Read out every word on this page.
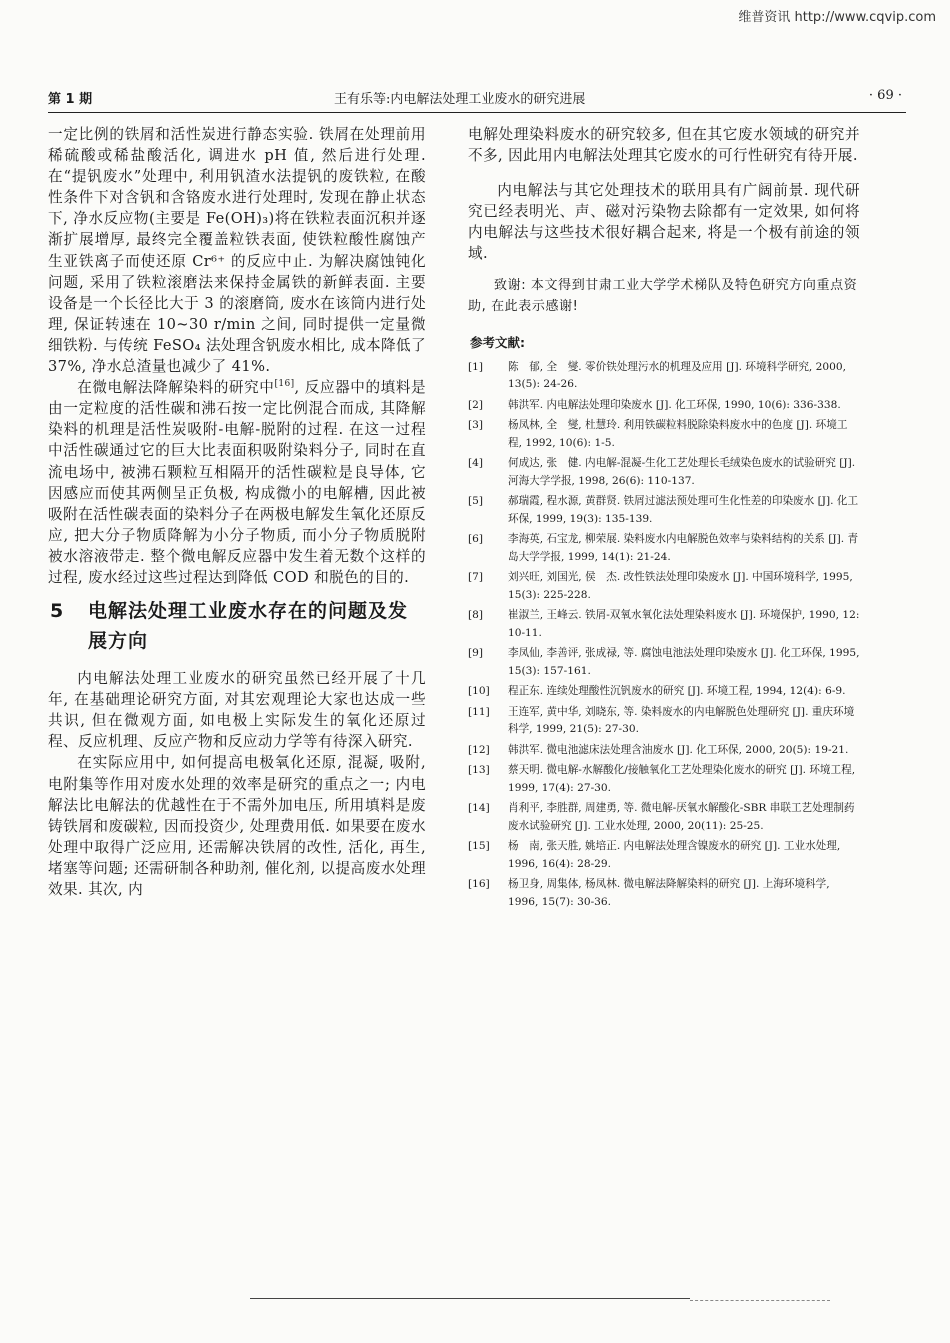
维普资讯 http://www.cqvip.com
第 1 期	王有乐等:内电解法处理工业废水的研究进展	· 69 ·

一定比例的铁屑和活性炭进行静态实验. 铁屑在处理前用稀硫酸或稀盐酸活化, 调进水 pH 值, 然后进行处理. 在“提钒废水”处理中, 利用钒渣水法提钒的废铁粒, 在酸性条件下对含钒和含铬废水进行处理时, 发现在静止状态下, 净水反应物(主要是 Fe(OH)₃)将在铁粒表面沉积并逐渐扩展增厚, 最终完全覆盖粒铁表面, 使铁粒酸性腐蚀产生亚铁离子而使还原 Cr⁶⁺ 的反应中止. 为解决腐蚀钝化问题, 采用了铁粒滚磨法来保持金属铁的新鲜表面. 主要设备是一个长径比大于 3 的滚磨筒, 废水在该筒内进行处理, 保证转速在 10~30 r/min 之间, 同时提供一定量微细铁粉. 与传统 FeSO₄ 法处理含钒废水相比, 成本降低了 37%, 净水总渣量也减少了 41%.

在微电解法降解染料的研究中[16], 反应器中的填料是由一定粒度的活性碳和沸石按一定比例混合而成, 其降解染料的机理是活性炭吸附-电解-脱附的过程. 在这一过程中活性碳通过它的巨大比表面积吸附染料分子, 同时在直流电场中, 被沸石颗粒互相隔开的活性碳粒是良导体, 它因感应而使其两侧呈正负极, 构成微小的电解槽, 因此被吸附在活性碳表面的染料分子在两极电解发生氧化还原反应, 把大分子物质降解为小分子物质, 而小分子物质脱附被水溶液带走. 整个微电解反应器中发生着无数个这样的过程, 废水经过这些过程达到降低 COD 和脱色的目的.

5 电解法处理工业废水存在的问题及发展方向

内电解法处理工业废水的研究虽然已经开展了十几年, 在基础理论研究方面, 对其宏观理论大家也达成一些共识, 但在微观方面, 如电极上实际发生的氧化还原过程、反应机理、反应产物和反应动力学等有待深入研究.

在实际应用中, 如何提高电极氧化还原, 混凝, 吸附, 电附集等作用对废水处理的效率是研究的重点之一; 内电解法比电解法的优越性在于不需外加电压, 所用填料是废铸铁屑和废碳粒, 因而投资少, 处理费用低. 如果要在废水处理中取得广泛应用, 还需解决铁屑的改性, 活化, 再生, 堵塞等问题; 还需研制各种助剂, 催化剂, 以提高废水处理效果. 其次, 内

电解处理染料废水的研究较多, 但在其它废水领域的研究并不多, 因此用内电解法处理其它废水的可行性研究有待开展.

内电解法与其它处理技术的联用具有广阔前景. 现代研究已经表明光、声、磁对污染物去除都有一定效果, 如何将内电解法与这些技术很好耦合起来, 将是一个极有前途的领域.

致谢: 本文得到甘肃工业大学学术梯队及特色研究方向重点资助, 在此表示感谢!

参考文献:
[1] 陈　郁, 全　燮. 零价铁处理污水的机理及应用 [J]. 环境科学研究, 2000, 13(5): 24-26.
[2] 韩洪军. 内电解法处理印染废水 [J]. 化工环保, 1990, 10(6): 336-338.
[3] 杨凤林, 全　燮, 杜慧玲. 利用铁碳粒料脱除染料废水中的色度 [J]. 环境工程, 1992, 10(6): 1-5.
[4] 何成达, 张　健. 内电解-混凝-生化工艺处理长毛绒染色废水的试验研究 [J]. 河海大学学报, 1998, 26(6): 110-137.
[5] 郝瑞霞, 程水源, 黄群贤. 铁屑过滤法预处理可生化性差的印染废水 [J]. 化工环保, 1999, 19(3): 135-139.
[6] 李海英, 石宝龙, 柳荣展. 染料废水内电解脱色效率与染料结构的关系 [J]. 青岛大学学报, 1999, 14(1): 21-24.
[7] 刘兴旺, 刘国光, 侯　杰. 改性铁法处理印染废水 [J]. 中国环境科学, 1995, 15(3): 225-228.
[8] 崔淑兰, 王峰云. 铁屑-双氧水氧化法处理染料废水 [J]. 环境保护, 1990, 12: 10-11.
[9] 李凤仙, 李善评, 张成禄, 等. 腐蚀电池法处理印染废水 [J]. 化工环保, 1995, 15(3): 157-161.
[10] 程正东. 连续处理酸性沉钒废水的研究 [J]. 环境工程, 1994, 12(4): 6-9.
[11] 王连军, 黄中华, 刘晓东, 等. 染料废水的内电解脱色处理研究 [J]. 重庆环境科学, 1999, 21(5): 27-30.
[12] 韩洪军. 微电池滤床法处理含油废水 [J]. 化工环保, 2000, 20(5): 19-21.
[13] 蔡天明. 微电解-水解酸化/接触氧化工艺处理染化废水的研究 [J]. 环境工程, 1999, 17(4): 27-30.
[14] 肖利平, 李胜群, 周建勇, 等. 微电解-厌氧水解酸化-SBR 串联工艺处理制药废水试验研究 [J]. 工业水处理, 2000, 20(11): 25-25.
[15] 杨　南, 张天胜, 姚培正. 内电解法处理含镍废水的研究 [J]. 工业水处理, 1996, 16(4): 28-29.
[16] 杨卫身, 周集体, 杨凤林. 微电解法降解染料的研究 [J]. 上海环境科学, 1996, 15(7): 30-36.
